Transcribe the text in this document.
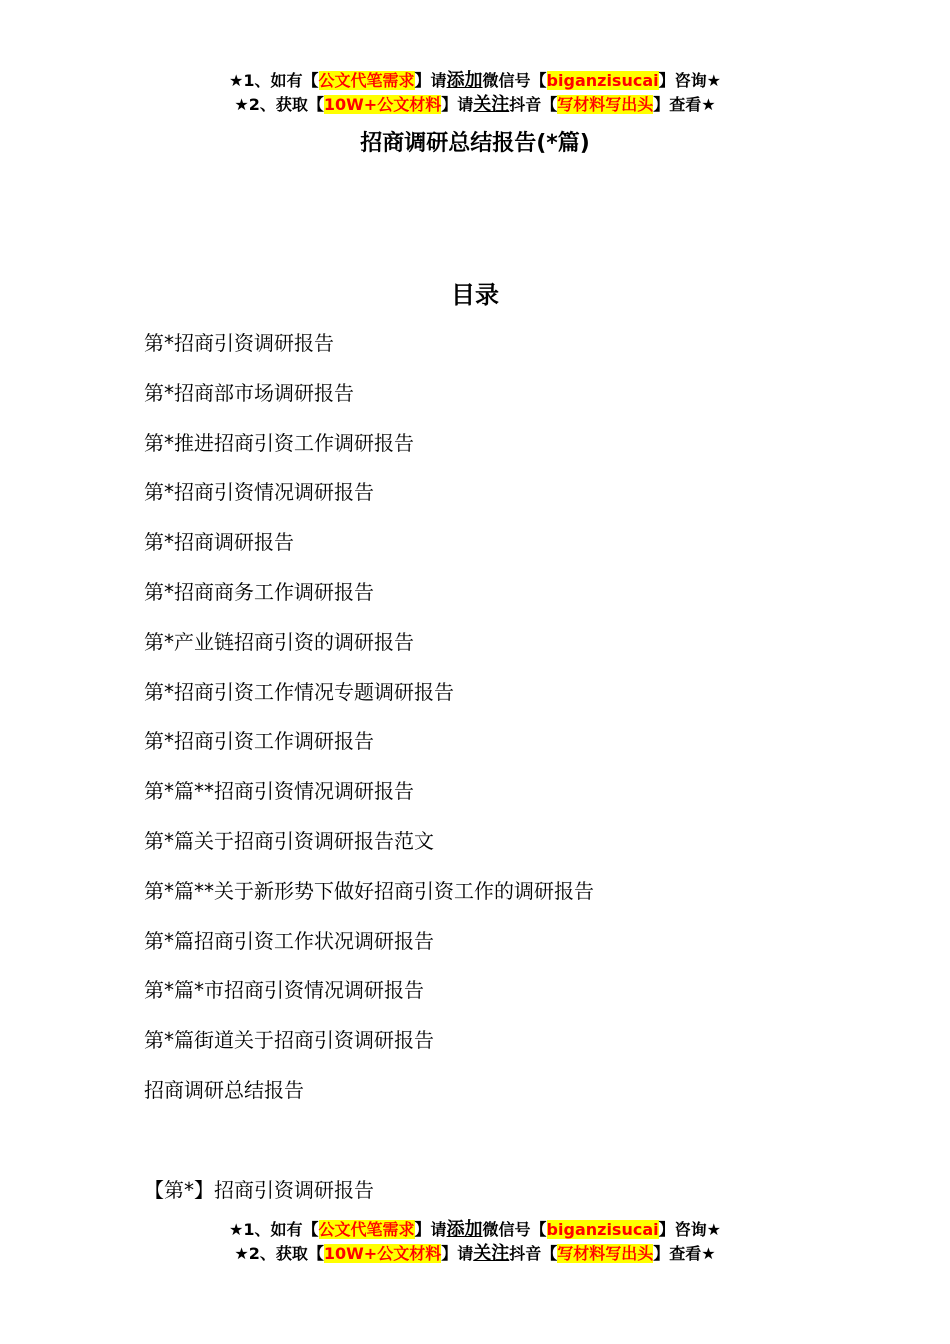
★1、如有【公文代笔需求】请添加微信号【biganzisucai】咨询★
★2、获取【10W+公文材料】请关注抖音【写材料写出头】查看★
招商调研总结报告(*篇)
目录
第*招商引资调研报告
第*招商部市场调研报告
第*推进招商引资工作调研报告
第*招商引资情况调研报告
第*招商调研报告
第*招商商务工作调研报告
第*产业链招商引资的调研报告
第*招商引资工作情况专题调研报告
第*招商引资工作调研报告
第*篇**招商引资情况调研报告
第*篇关于招商引资调研报告范文
第*篇**关于新形势下做好招商引资工作的调研报告
第*篇招商引资工作状况调研报告
第*篇*市招商引资情况调研报告
第*篇街道关于招商引资调研报告
招商调研总结报告
【第*】招商引资调研报告
★1、如有【公文代笔需求】请添加微信号【biganzisucai】咨询★
★2、获取【10W+公文材料】请关注抖音【写材料写出头】查看★
